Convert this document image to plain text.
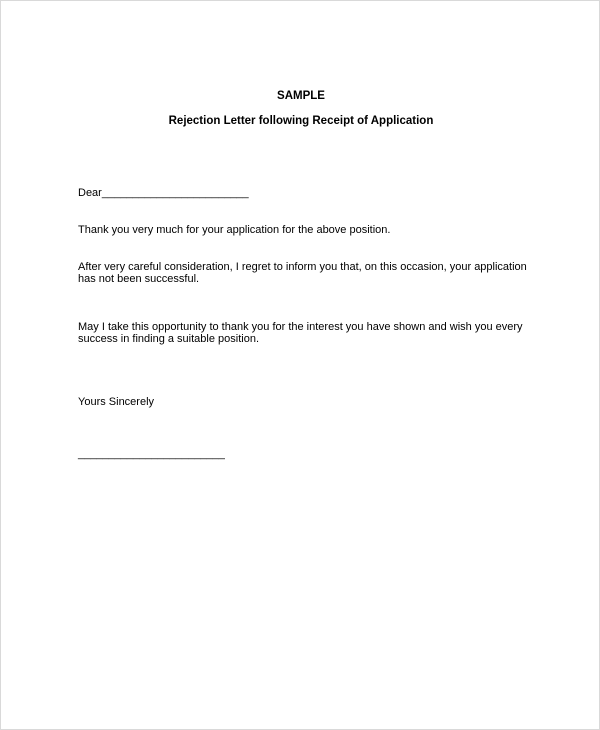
SAMPLE
Rejection Letter following Receipt of Application
Dear________________________
Thank you very much for your application for the above position.
After very careful consideration, I regret to inform you that, on this occasion, your application
has not been successful.
May I take this opportunity to thank you for the interest you have shown and wish you every
success in finding a suitable position.
Yours Sincerely
________________________
